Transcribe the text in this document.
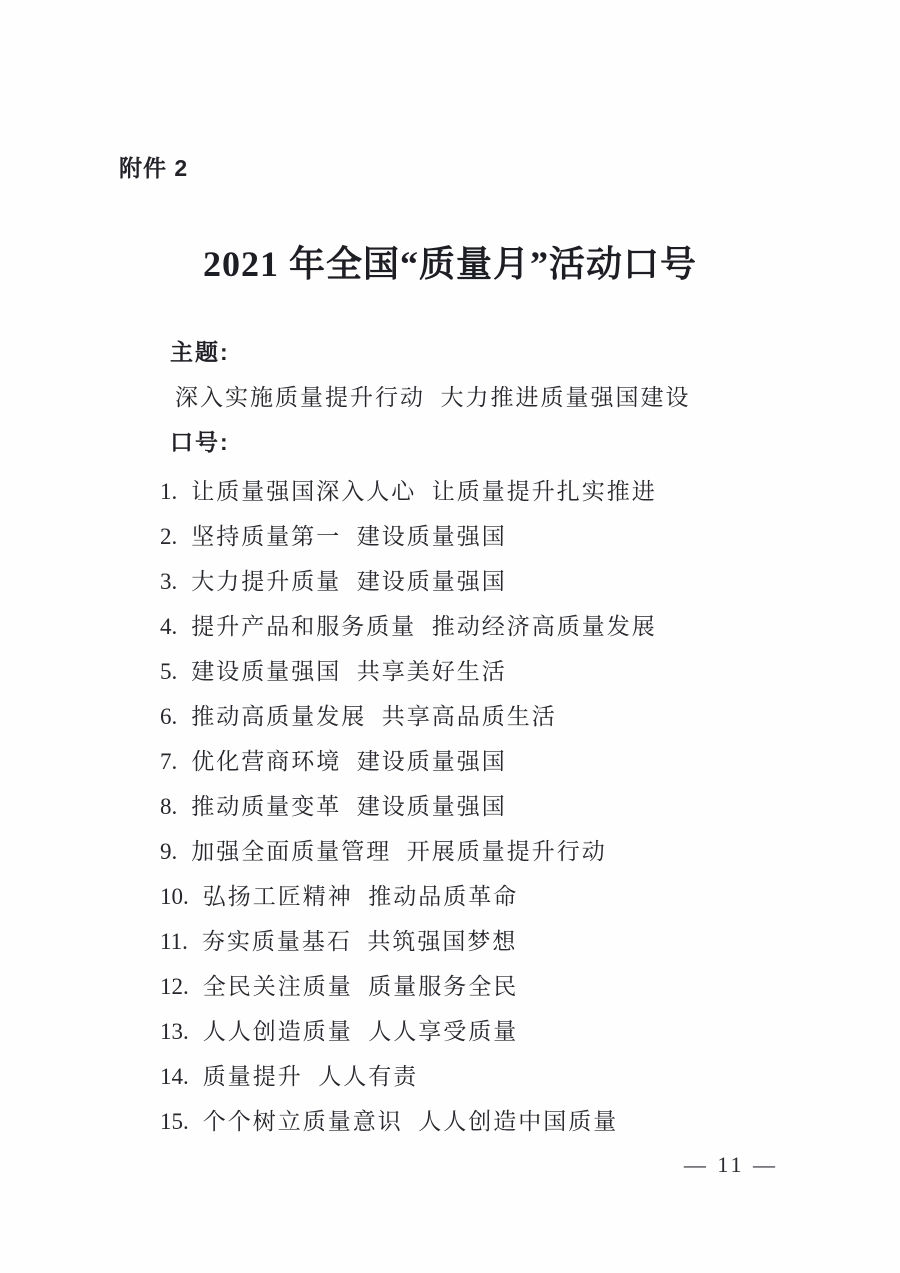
附件 2
2021 年全国“质量月”活动口号
主题:
深入实施质量提升行动  大力推进质量强国建设
口号:
1. 让质量强国深入人心  让质量提升扎实推进
2. 坚持质量第一  建设质量强国
3. 大力提升质量  建设质量强国
4. 提升产品和服务质量  推动经济高质量发展
5. 建设质量强国  共享美好生活
6. 推动高质量发展  共享高品质生活
7. 优化营商环境  建设质量强国
8. 推动质量变革  建设质量强国
9. 加强全面质量管理  开展质量提升行动
10. 弘扬工匠精神  推动品质革命
11. 夯实质量基石  共筑强国梦想
12. 全民关注质量  质量服务全民
13. 人人创造质量  人人享受质量
14. 质量提升  人人有责
15. 个个树立质量意识  人人创造中国质量
— 11 —
